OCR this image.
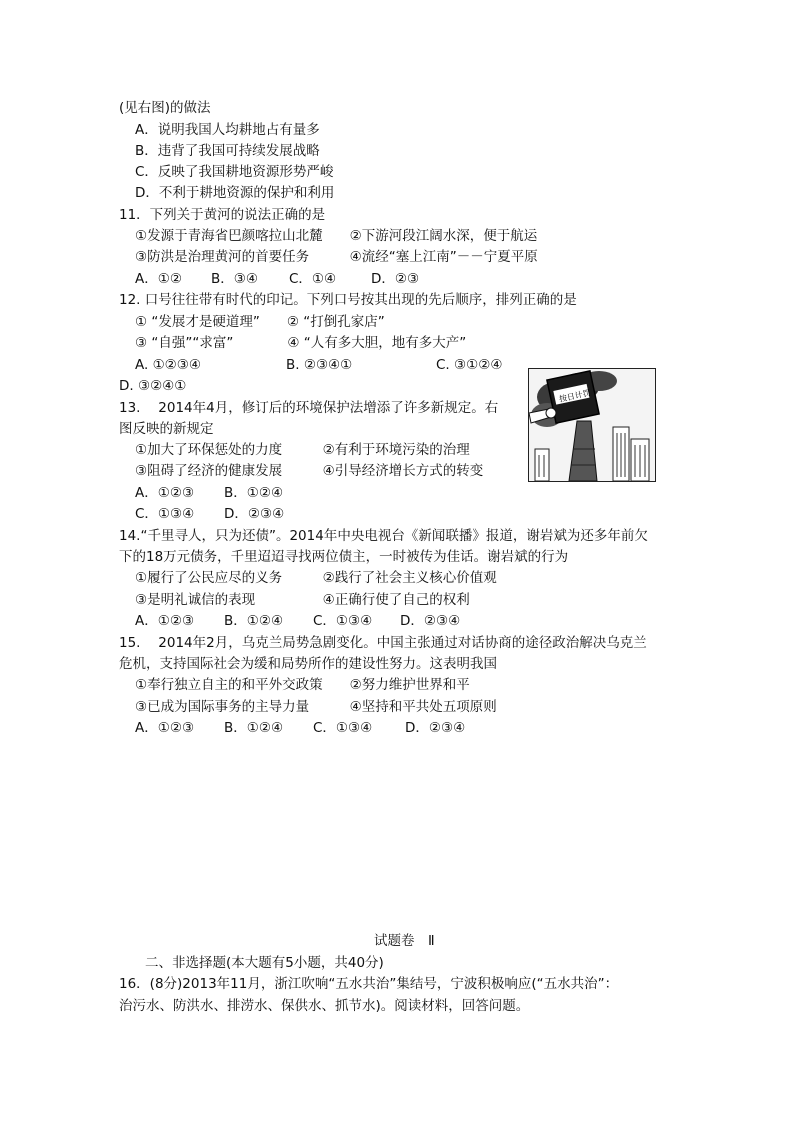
(见右图)的做法
A．说明我国人均耕地占有量多
B．违背了我国可持续发展战略
C．反映了我国耕地资源形势严峻
D．不利于耕地资源的保护和利用
11．下列关于黄河的说法正确的是
①发源于青海省巴颜喀拉山北麓　　②下游河段江阔水深，便于航运
③防洪是治理黄河的首要任务　　　④流经“塞上江南”－－宁夏平原
A．①② B．③④ C．①④	D．②③
12. 口号往往带有时代的印记。下列口号按其出现的先后顺序，排列正确的是
① “发展才是硬道理”　　② “打倒孔家店”
③ “自强”“求富”　　　　④ “人有多大胆，地有多大产”
A. ①②③④	B. ②③④①	C. ③①②④
D. ③②④①
13.　 2014年4月，修订后的环境保护法增添了许多新规定。右
图反映的新规定
①加大了环保惩处的力度　　　②有利于环境污染的治理
③阻碍了经济的健康发展　　　④引导经济增长方式的转变
A．①②③ B．①②④
C．①③④ D．②③④
按日计罚
14.“千里寻人，只为还债”。2014年中央电视台《新闻联播》报道，谢岩斌为还多年前欠
下的18万元债务，千里迢迢寻找两位债主，一时被传为佳话。谢岩斌的行为
①履行了公民应尽的义务　　　②践行了社会主义核心价值观
③是明礼诚信的表现　　　　　④正确行使了自己的权利
A．①②③ B．①②④ C．①③④ D．②③④
15.　 2014年2月，乌克兰局势急剧变化。中国主张通过对话协商的途径政治解决乌克兰
危机，支持国际社会为缓和局势所作的建设性努力。这表明我国
①奉行独立自主的和平外交政策　　②努力维护世界和平
③已成为国际事务的主导力量　　　④坚持和平共处五项原则
A．①②③ B．①②④ C．①③④ D．②③④
试题卷　Ⅱ
二、非选择题(本大题有5小题，共40分)
16．(8分)2013年11月，浙江吹响“五水共治”集结号，宁波积极响应(“五水共治”：
治污水、防洪水、排涝水、保供水、抓节水)。阅读材料，回答问题。
